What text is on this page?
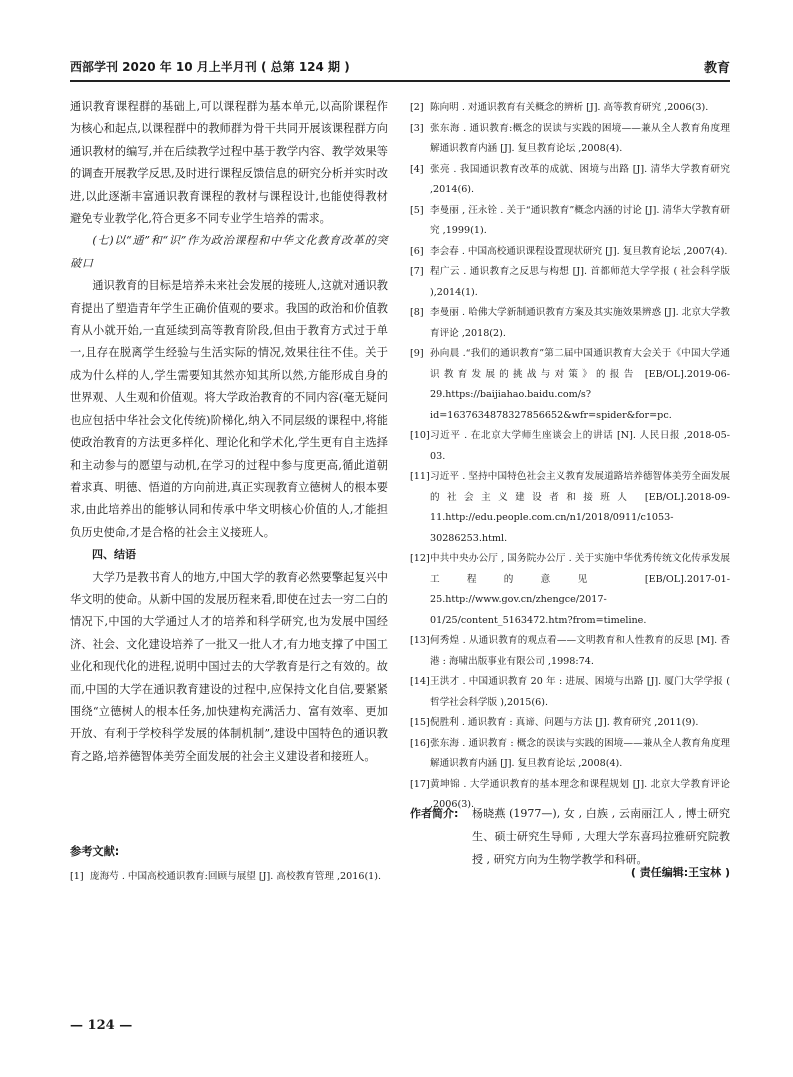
西部学刊 2020 年 10 月上半月刊 ( 总第 124 期 )	教育

通识教育课程群的基础上,可以课程群为基本单元,以高阶课程作为核心和起点,以课程群中的教师群为骨干共同开展该课程群方向通识教材的编写,并在后续教学过程中基于教学内容、教学效果等的调查开展教学反思,及时进行课程反馈信息的研究分析并实时改进,以此逐渐丰富通识教育课程的教材与课程设计,也能使得教材避免专业教学化,符合更多不同专业学生培养的需求。

(七)以“通”和“识”作为政治课程和中华文化教育改革的突破口

通识教育的目标是培养未来社会发展的接班人,这就对通识教育提出了塑造青年学生正确价值观的要求。我国的政治和价值教育从小就开始,一直延续到高等教育阶段,但由于教育方式过于单一,且存在脱离学生经验与生活实际的情况,效果往往不佳。关于成为什么样的人,学生需要知其然亦知其所以然,方能形成自身的世界观、人生观和价值观。将大学政治教育的不同内容(毫无疑问也应包括中华社会文化传统)阶梯化,纳入不同层级的课程中,将能使政治教育的方法更多样化、理论化和学术化,学生更有自主选择和主动参与的愿望与动机,在学习的过程中参与度更高,循此道朝着求真、明德、悟道的方向前进,真正实现教育立德树人的根本要求,由此培养出的能够认同和传承中华文明核心价值的人,才能担负历史使命,才是合格的社会主义接班人。

四、结语

大学乃是教书育人的地方,中国大学的教育必然要擎起复兴中华文明的使命。从新中国的发展历程来看,即使在过去一穷二白的情况下,中国的大学通过人才的培养和科学研究,也为发展中国经济、社会、文化建设培养了一批又一批人才,有力地支撑了中国工业化和现代化的进程,说明中国过去的大学教育是行之有效的。故而,中国的大学在通识教育建设的过程中,应保持文化自信,要紧紧围绕“立德树人的根本任务,加快建构充满活力、富有效率、更加开放、有利于学校科学发展的体制机制”,建设中国特色的通识教育之路,培养德智体美劳全面发展的社会主义建设者和接班人。

参考文献:

[1] 庞海芍 . 中国高校通识教育:回顾与展望 [J]. 高校教育管理 ,2016(1).

[2] 陈向明 . 对通识教育有关概念的辨析 [J]. 高等教育研究 ,2006(3).

[3] 张东海 . 通识教育:概念的误读与实践的困境——兼从全人教育角度理解通识教育内涵 [J]. 复旦教育论坛 ,2008(4).

[4] 张亮 . 我国通识教育改革的成就、困境与出路 [J]. 清华大学教育研究 ,2014(6).

[5] 李曼丽 , 汪永铨 . 关于“通识教育”概念内涵的讨论 [J]. 清华大学教育研究 ,1999(1).

[6] 李会春 . 中国高校通识课程设置现状研究 [J]. 复旦教育论坛 ,2007(4).

[7] 程广云 . 通识教育之反思与构想 [J]. 首都师范大学学报 ( 社会科学版 ),2014(1).

[8] 李曼丽 . 哈佛大学新制通识教育方案及其实施效果辨惑 [J]. 北京大学教育评论 ,2018(2).

[9] 孙向晨 .“我们的通识教育”第二届中国通识教育大会关于《中国大学通识教育发展的挑战与对策》的报告 [EB/OL].2019-06-29.https://baijiahao.baidu.com/s?id=1637634878327856652&wfr=spider&for=pc.

[10] 习近平 . 在北京大学师生座谈会上的讲话 [N]. 人民日报 ,2018-05-03.

[11] 习近平 . 坚持中国特色社会主义教育发展道路培养德智体美劳全面发展的社会主义建设者和接班人 [EB/OL].2018-09-11.http://edu.people.com.cn/n1/2018/0911/c1053-30286253.html.

[12] 中共中央办公厅 , 国务院办公厅 . 关于实施中华优秀传统文化传承发展工程的意见 [EB/OL].2017-01-25.http://www.gov.cn/zhengce/2017-01/25/content_5163472.htm?from=timeline.

[13] 何秀煌 . 从通识教育的观点看——文明教育和人性教育的反思 [M]. 香港 : 海啸出版事业有限公司 ,1998:74.

[14] 王洪才 . 中国通识教育 20 年 : 进展、困境与出路 [J]. 厦门大学学报 ( 哲学社会科学版 ),2015(6).

[15] 倪胜利 . 通识教育 : 真谛、问题与方法 [J]. 教育研究 ,2011(9).

[16] 张东海 . 通识教育 : 概念的误读与实践的困境——兼从全人教育角度理解通识教育内涵 [J]. 复旦教育论坛 ,2008(4).

[17] 黄坤锦 . 大学通识教育的基本理念和课程规划 [J]. 北京大学教育评论 ,2006(3).

作者简介: 杨晓燕 (1977—), 女 , 白族 , 云南丽江人 , 博士研究生、硕士研究生导师 , 大理大学东喜玛拉雅研究院教授 , 研究方向为生物学教学和科研。
( 责任编辑:王宝林 )
— 124 —
